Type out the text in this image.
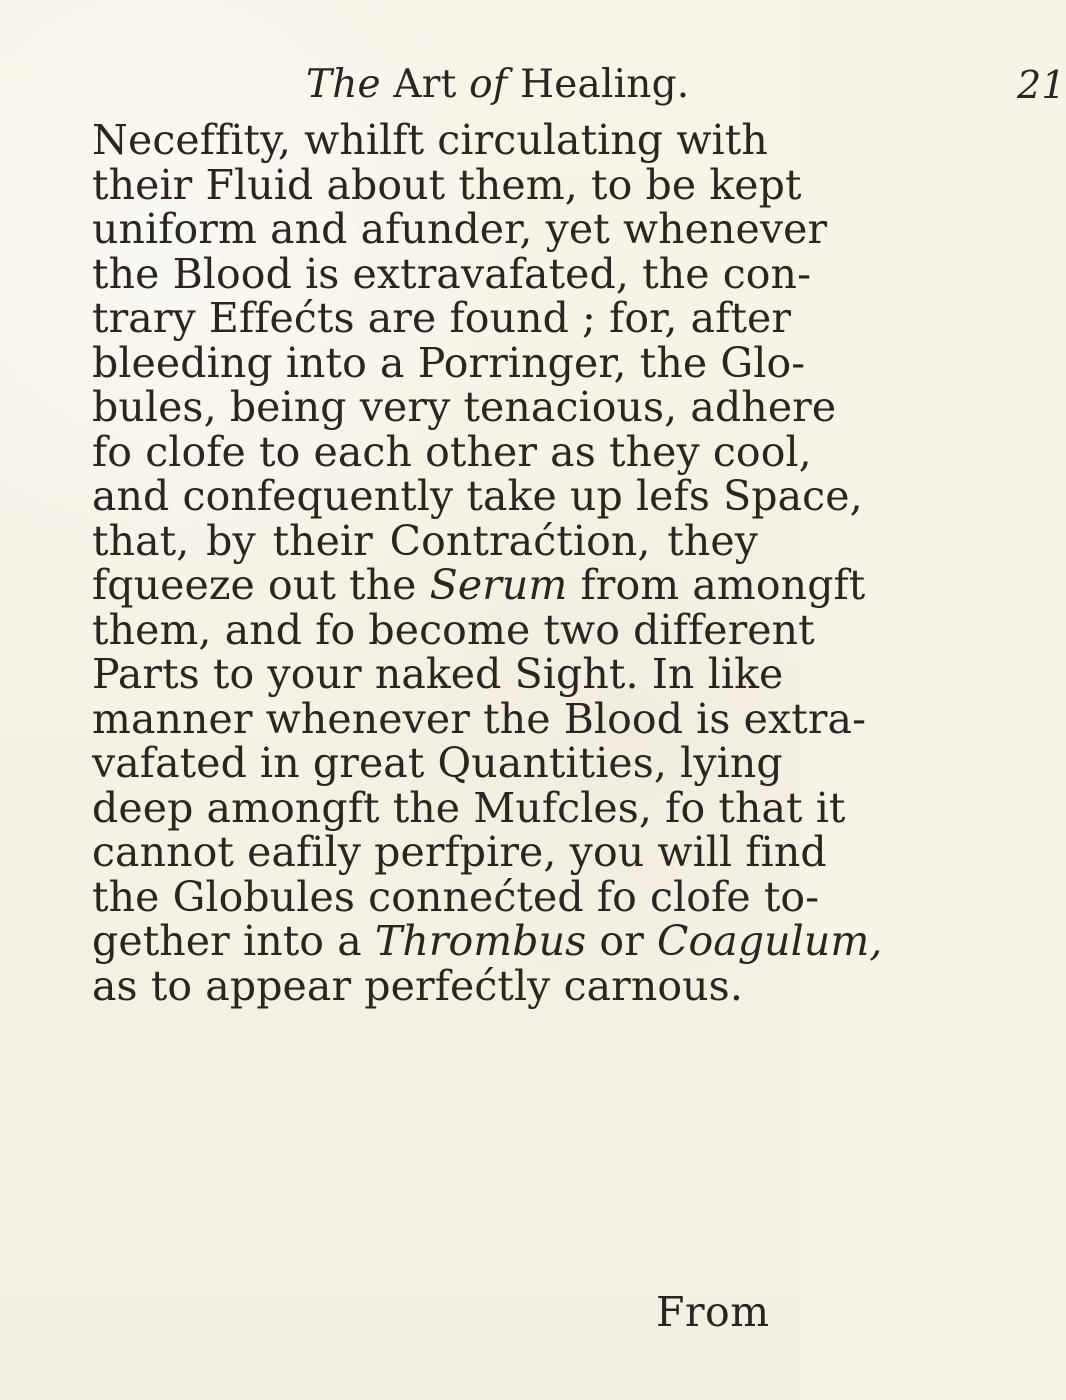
The Art of Healing.	21
Neceffity, whilft circulating with
their Fluid about them, to be kept
uniform and afunder, yet whenever
the Blood is extravafated, the con-
trary Effećts are found ; for, after
bleeding into a Porringer, the Glo-
bules, being very tenacious, adhere
fo clofe to each other as they cool,
and confequently take up lefs Space,
that, by their Contraćtion, they
fqueeze out the Serum from amongft
them, and fo become two different
Parts to your naked Sight. In like
manner whenever the Blood is extra-
vafated in great Quantities, lying
deep amongft the Mufcles, fo that it
cannot eafily perfpire, you will find
the Globules connećted fo clofe to-
gether into a Thrombus or Coagulum,
as to appear perfećtly carnous.
From
